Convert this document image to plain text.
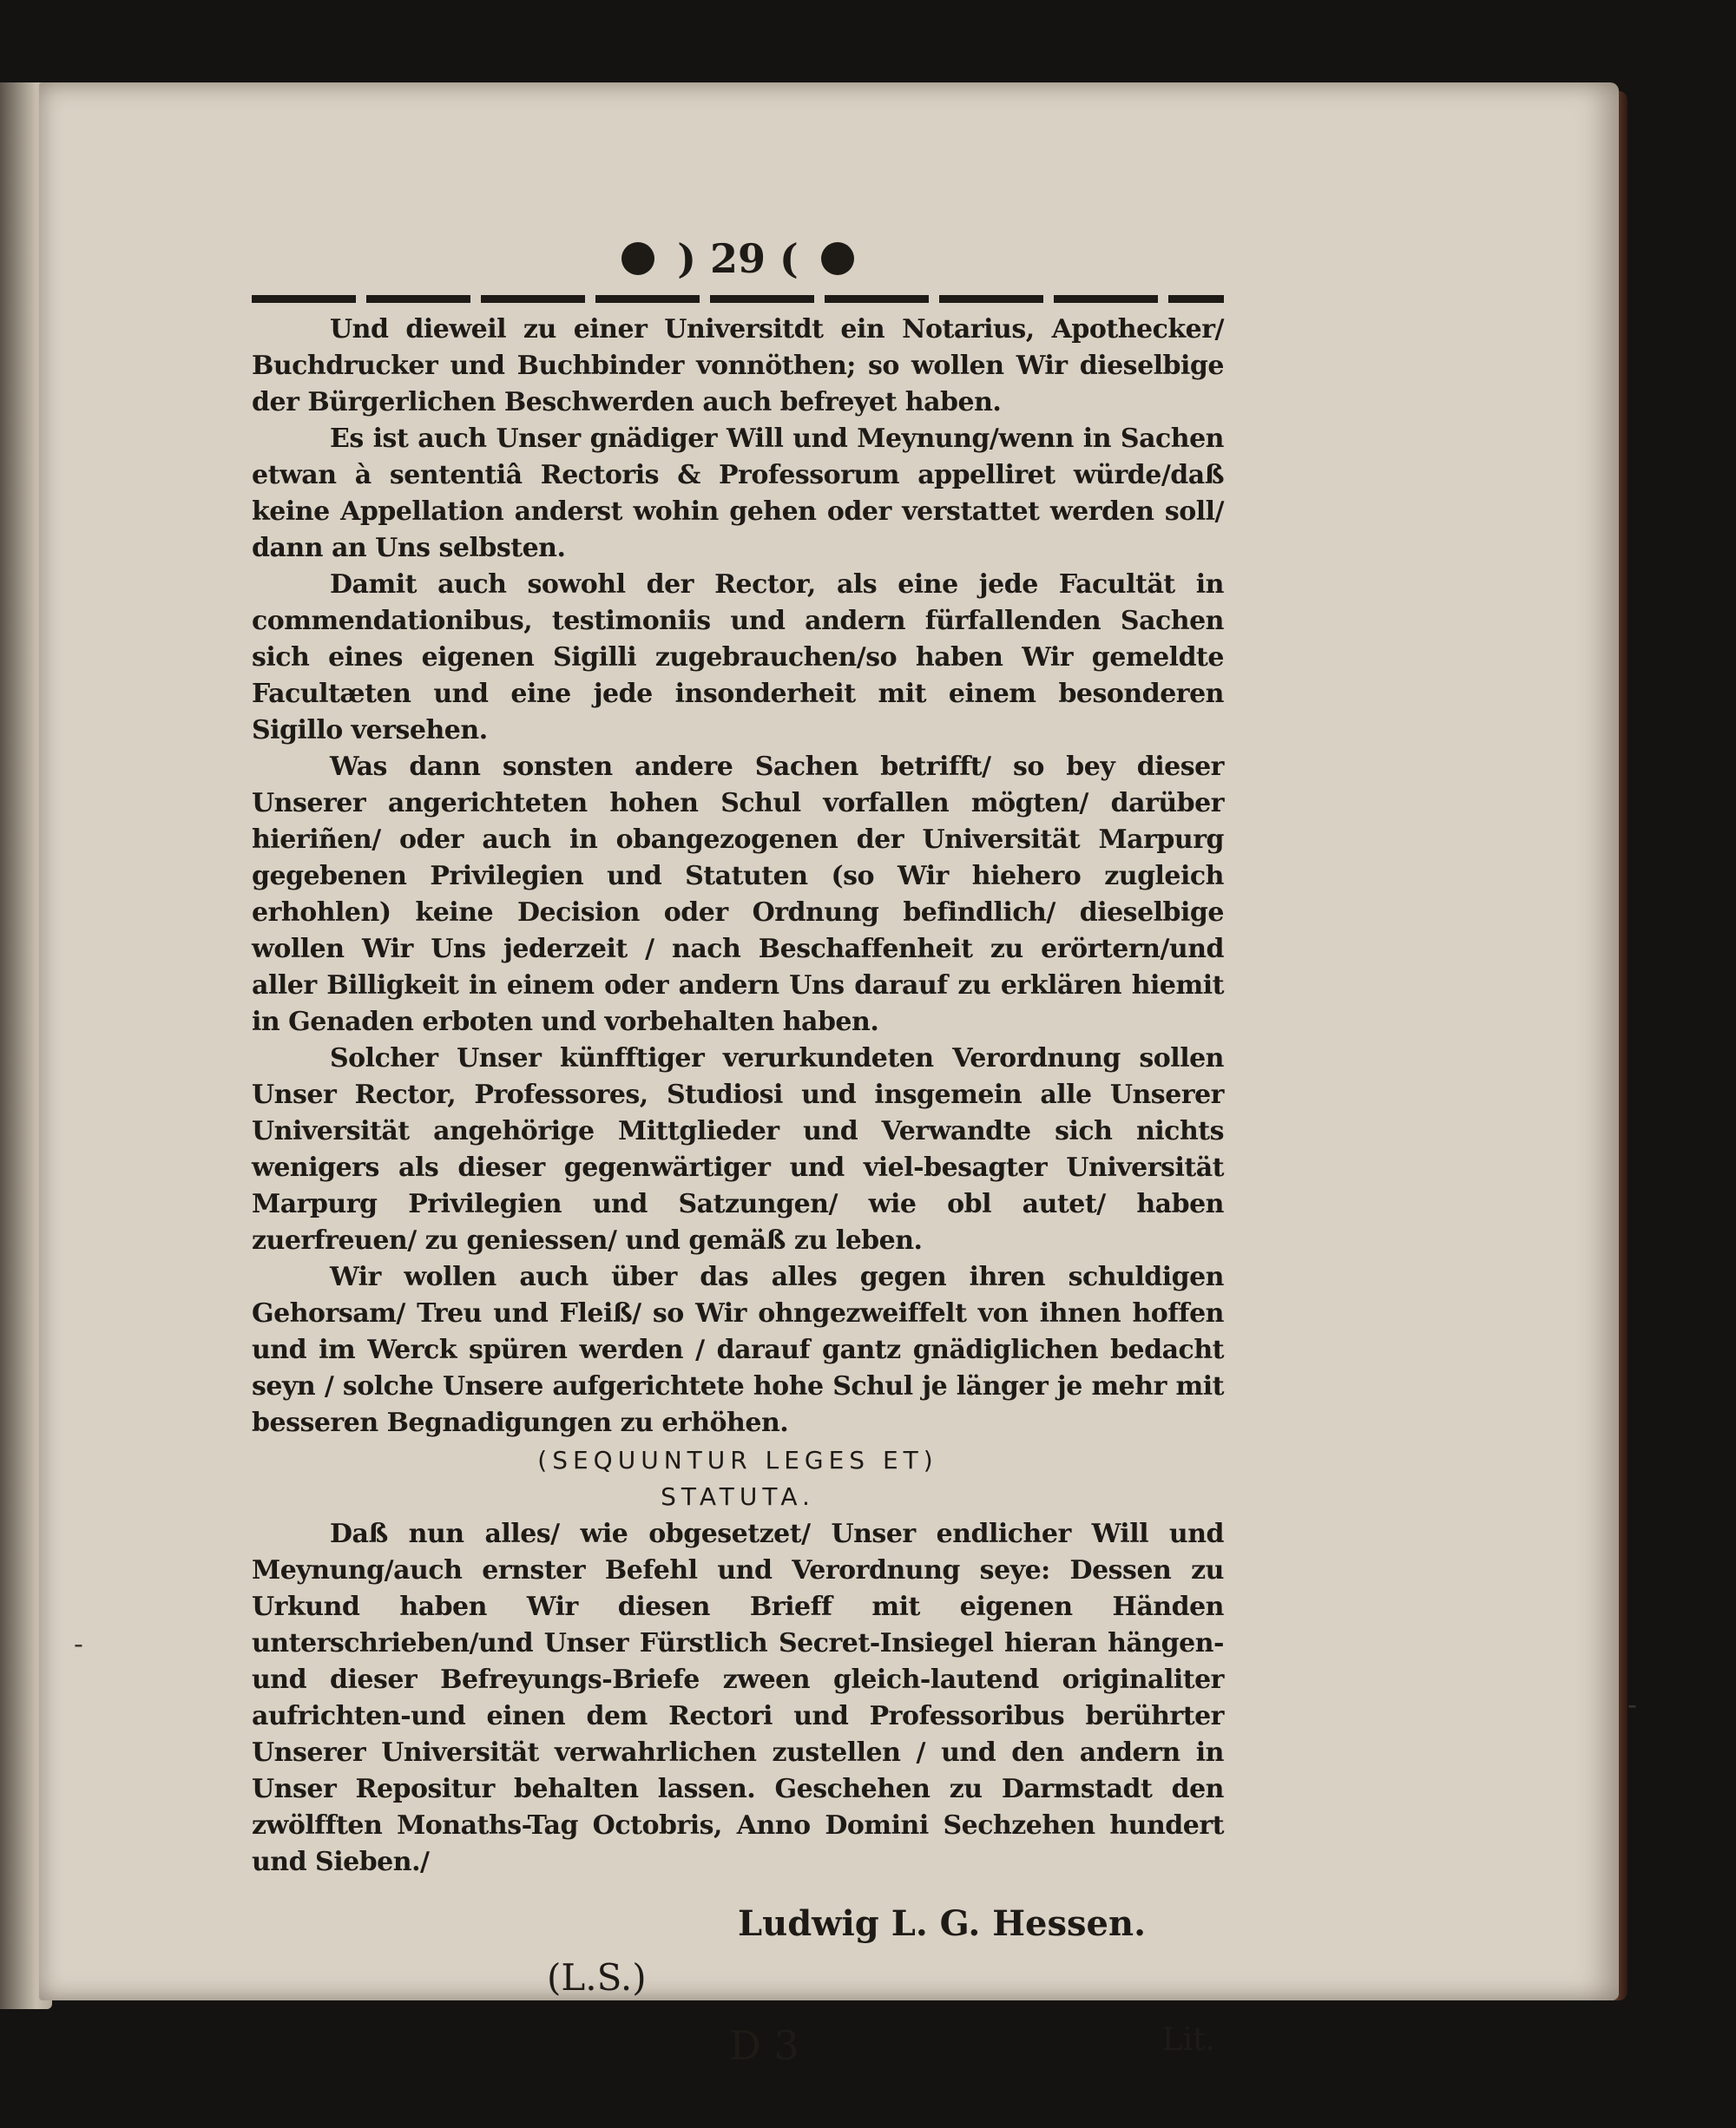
-
-
) 29 (

Und dieweil zu einer Universitdt ein Notarius, Apothecker/ Buchdrucker und Buchbinder vonnöthen; so wollen Wir dieselbige der Bürgerlichen Beschwerden auch befreyet haben.

Es ist auch Unser gnädiger Will und Meynung/wenn in Sachen etwan à sententiâ Rectoris & Professorum appelliret würde/daß keine Appellation anderst wohin gehen oder verstattet werden soll/ dann an Uns selbsten.

Damit auch sowohl der Rector, als eine jede Facultät in commendationibus, testimoniis und andern fürfallenden Sachen sich eines eigenen Sigilli zugebrauchen/so haben Wir gemeldte Facultæten und eine jede insonderheit mit einem besonderen Sigillo versehen.

Was dann sonsten andere Sachen betrifft/ so bey dieser Unserer angerichteten hohen Schul vorfallen mögten/ darüber hieriñen/ oder auch in obangezogenen der Universität Marpurg gegebenen Privilegien und Statuten (so Wir hiehero zugleich erhohlen) keine Decision oder Ordnung befindlich/ dieselbige wollen Wir Uns jederzeit / nach Beschaffenheit zu erörtern/und aller Billigkeit in einem oder andern Uns darauf zu erklären hiemit in Genaden erboten und vorbehalten haben.

Solcher Unser künfftiger verurkundeten Verordnung sollen Unser Rector, Professores, Studiosi und insgemein alle Unserer Universität angehörige Mittglieder und Verwandte sich nichts wenigers als dieser gegenwärtiger und viel-besagter Universität Marpurg Privilegien und Satzungen/ wie obl autet/ haben zuerfreuen/ zu geniessen/ und gemäß zu leben.

Wir wollen auch über das alles gegen ihren schuldigen Gehorsam/ Treu und Fleiß/ so Wir ohngezweiffelt von ihnen hoffen und im Werck spüren werden / darauf gantz gnädiglichen bedacht seyn / solche Unsere aufgerichtete hohe Schul je länger je mehr mit besseren Begnadigungen zu erhöhen.

(SEQUUNTUR LEGES ET)
STATUTA.

Daß nun alles/ wie obgesetzet/ Unser endlicher Will und Meynung/auch ernster Befehl und Verordnung seye: Dessen zu Urkund haben Wir diesen Brieff mit eigenen Händen unterschrieben/und Unser Fürstlich Secret-Insiegel hieran hängen-und dieser Befreyungs-Briefe zween gleich-lautend originaliter aufrichten-und einen dem Rectori und Professoribus berührter Unserer Universität verwahrlichen zustellen / und den andern in Unser Repositur behalten lassen. Geschehen zu Darmstadt den zwölfften Monaths-Tag Octobris, Anno Domini Sechzehen hundert und Sieben./

Ludwig L. G. Hessen.
(L.S.)
D 3	Lit.
